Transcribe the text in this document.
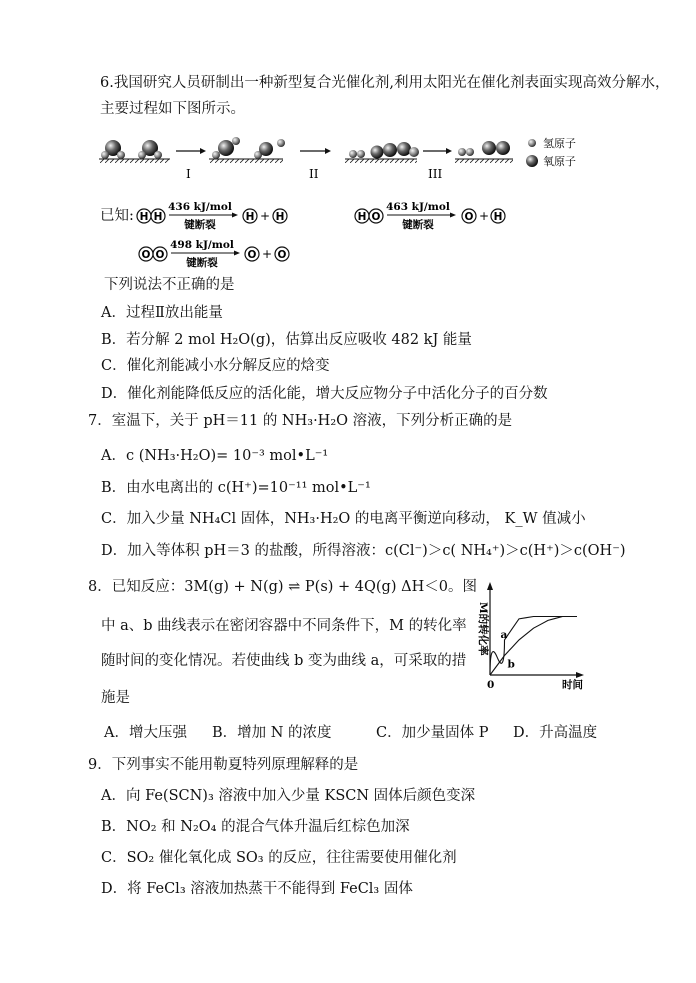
6.我国研究人员研制出一种新型复合光催化剂,利用太阳光在催化剂表面实现高效分解水，
主要过程如下图所示。
I	II	III
氢原子
氧原子
已知: H H
436 kJ/mol
键断裂
H + H	H O
463 kJ/mol
键断裂
O + H
O O
498 kJ/mol
键断裂
O + O
下列说法不正确的是
A．过程Ⅱ放出能量
B．若分解 2 mol H₂O(g)，估算出反应吸收 482 kJ 能量
C．催化剂能减小水分解反应的焓变
D．催化剂能降低反应的活化能，增大反应物分子中活化分子的百分数
7．室温下，关于 pH＝11 的 NH₃·H₂O 溶液，下列分析正确的是
A．c (NH₃·H₂O)= 10⁻³ mol•L⁻¹
B．由水电离出的 c(H⁺)=10⁻¹¹ mol•L⁻¹
C．加入少量 NH₄Cl 固体，NH₃·H₂O 的电离平衡逆向移动， K_W 值减小
D．加入等体积 pH＝3 的盐酸，所得溶液：c(Cl⁻)＞c( NH₄⁺)＞c(H⁺)＞c(OH⁻)
8．已知反应：3M(g) + N(g) ⇌ P(s) + 4Q(g) ΔH＜0。图
中 a、b 曲线表示在密闭容器中不同条件下，M 的转化率
随时间的变化情况。若使曲线 b 变为曲线 a，可采取的措
施是
M的转化率
时间
0
a
b
A．增大压强 B．增加 N 的浓度	C．加少量固体 P D．升高温度
9．下列事实不能用勒夏特列原理解释的是
A．向 Fe(SCN)₃ 溶液中加入少量 KSCN 固体后颜色变深
B．NO₂ 和 N₂O₄ 的混合气体升温后红棕色加深
C．SO₂ 催化氧化成 SO₃ 的反应，往往需要使用催化剂
D．将 FeCl₃ 溶液加热蒸干不能得到 FeCl₃ 固体
